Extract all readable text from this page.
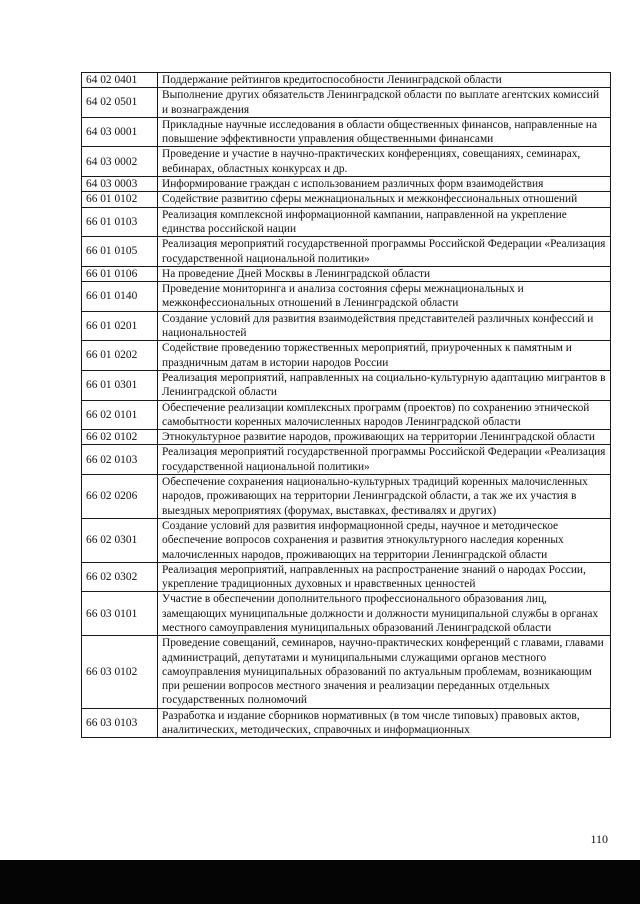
64 02 0401	Поддержание рейтингов кредитоспособности Ленинградской области
64 02 0501	Выполнение других обязательств Ленинградской области по выплате агентских комиссий и вознаграждения
64 03 0001	Прикладные научные исследования в области общественных финансов, направленные на повышение эффективности управления общественными финансами
64 03 0002	Проведение и участие в научно-практических конференциях, совещаниях, семинарах, вебинарах, областных конкурсах и др.
64 03 0003	Информирование граждан с использованием различных форм взаимодействия
66 01 0102	Содействие развитию сферы межнациональных и межконфессиональных отношений
66 01 0103	Реализация комплексной информационной кампании, направленной на укрепление единства российской нации
66 01 0105	Реализация мероприятий государственной программы Российской Федерации «Реализация государственной национальной политики»
66 01 0106	На проведение Дней Москвы в Ленинградской области
66 01 0140	Проведение мониторинга и анализа состояния сферы межнациональных и межконфессиональных отношений в Ленинградской области
66 01 0201	Создание условий для развития взаимодействия представителей различных конфессий и национальностей
66 01 0202	Содействие проведению торжественных мероприятий, приуроченных к памятным и праздничным датам в истории народов России
66 01 0301	Реализация мероприятий, направленных на социально-культурную адаптацию мигрантов в Ленинградской области
66 02 0101	Обеспечение реализации комплексных программ (проектов) по сохранению этнической самобытности коренных малочисленных народов Ленинградской области
66 02 0102	Этнокультурное развитие народов, проживающих на территории Ленинградской области
66 02 0103	Реализация мероприятий государственной программы Российской Федерации «Реализация государственной национальной политики»
66 02 0206	Обеспечение сохранения национально-культурных традиций коренных малочисленных народов, проживающих на территории Ленинградской области, а так же их участия в выездных мероприятиях (форумах, выставках, фестивалях и других)
66 02 0301	Создание условий для развития информационной среды, научное и методическое обеспечение вопросов сохранения и развития этнокультурного наследия коренных малочисленных народов, проживающих на территории Ленинградской области
66 02 0302	Реализация мероприятий, направленных на распространение знаний о народах России, укрепление традиционных духовных и нравственных ценностей
66 03 0101	Участие в обеспечении дополнительного профессионального образования лиц, замещающих муниципальные должности и должности муниципальной службы в органах местного самоуправления муниципальных образований Ленинградской области
66 03 0102	Проведение совещаний, семинаров, научно-практических конференций с главами, главами администраций, депутатами и муниципальными служащими органов местного самоуправления муниципальных образований по актуальным проблемам, возникающим при решении вопросов местного значения и реализации переданных отдельных государственных полномочий
66 03 0103	Разработка и издание сборников нормативных (в том числе типовых) правовых актов, аналитических, методических, справочных и информационных
110
